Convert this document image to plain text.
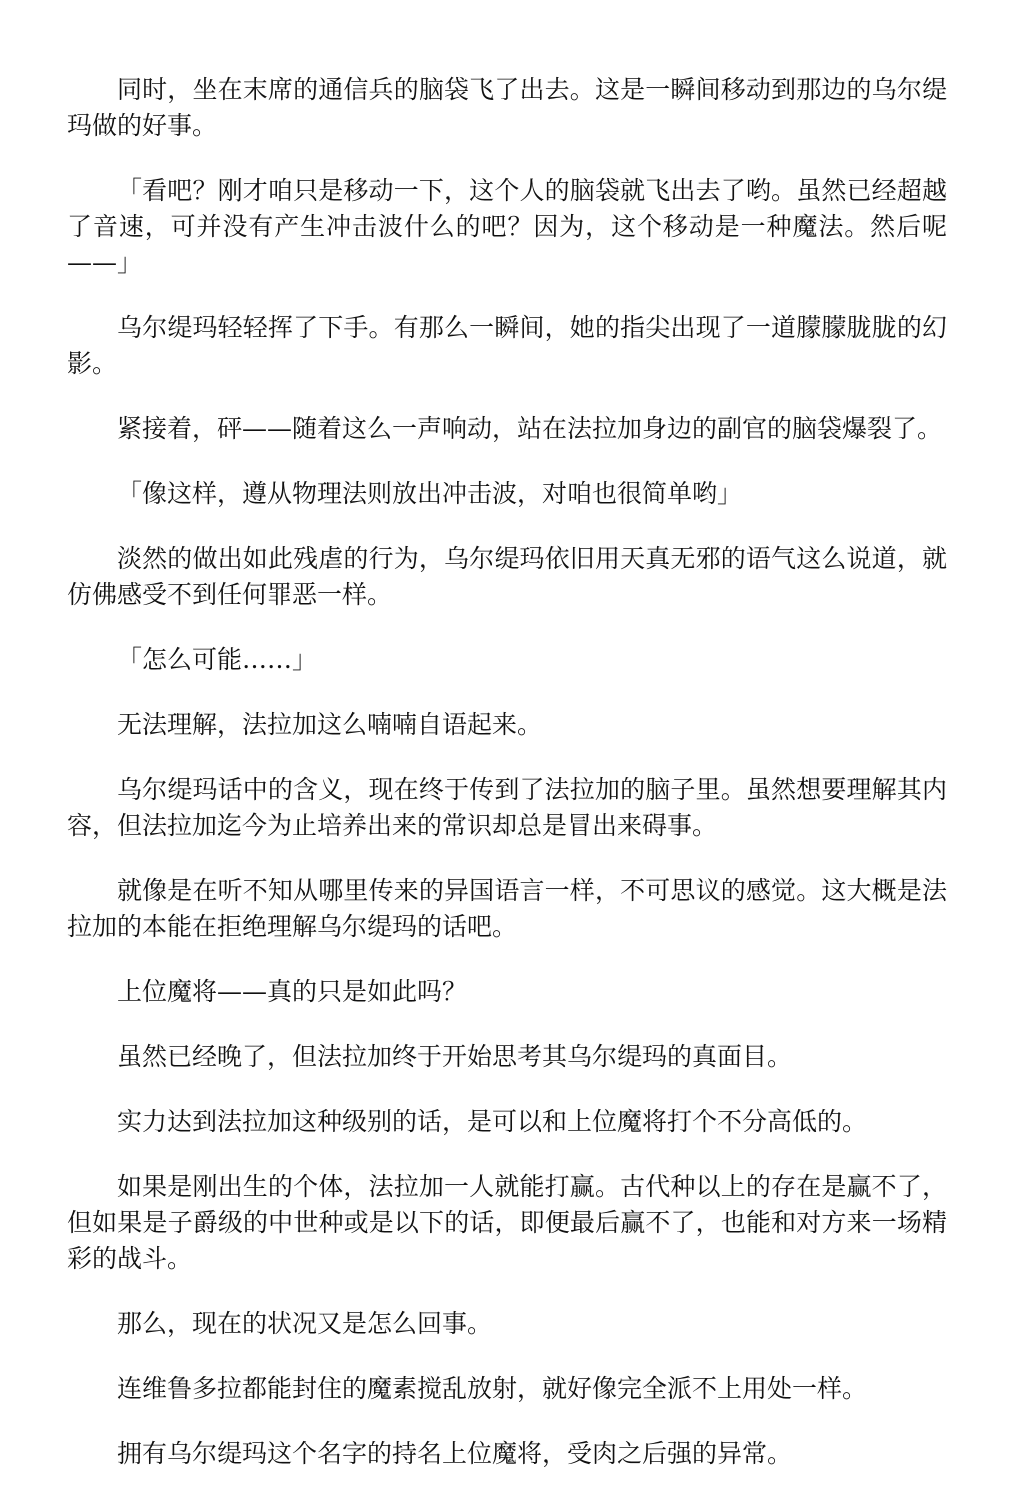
同时，坐在末席的通信兵的脑袋飞了出去。这是一瞬间移动到那边的乌尔缇玛做的好事。

「看吧？刚才咱只是移动一下，这个人的脑袋就飞出去了哟。虽然已经超越了音速，可并没有产生冲击波什么的吧？因为，这个移动是一种魔法。然后呢——」

乌尔缇玛轻轻挥了下手。有那么一瞬间，她的指尖出现了一道朦朦胧胧的幻影。

紧接着，砰——随着这么一声响动，站在法拉加身边的副官的脑袋爆裂了。

「像这样，遵从物理法则放出冲击波，对咱也很简单哟」

淡然的做出如此残虐的行为，乌尔缇玛依旧用天真无邪的语气这么说道，就仿佛感受不到任何罪恶一样。

「怎么可能……」

无法理解，法拉加这么喃喃自语起来。

乌尔缇玛话中的含义，现在终于传到了法拉加的脑子里。虽然想要理解其内容，但法拉加迄今为止培养出来的常识却总是冒出来碍事。

就像是在听不知从哪里传来的异国语言一样，不可思议的感觉。这大概是法拉加的本能在拒绝理解乌尔缇玛的话吧。

上位魔将——真的只是如此吗？

虽然已经晚了，但法拉加终于开始思考其乌尔缇玛的真面目。

实力达到法拉加这种级别的话，是可以和上位魔将打个不分高低的。

如果是刚出生的个体，法拉加一人就能打赢。古代种以上的存在是赢不了，但如果是子爵级的中世种或是以下的话，即便最后赢不了，也能和对方来一场精彩的战斗。

那么，现在的状况又是怎么回事。

连维鲁多拉都能封住的魔素搅乱放射，就好像完全派不上用处一样。

拥有乌尔缇玛这个名字的持名上位魔将，受肉之后强的异常。
